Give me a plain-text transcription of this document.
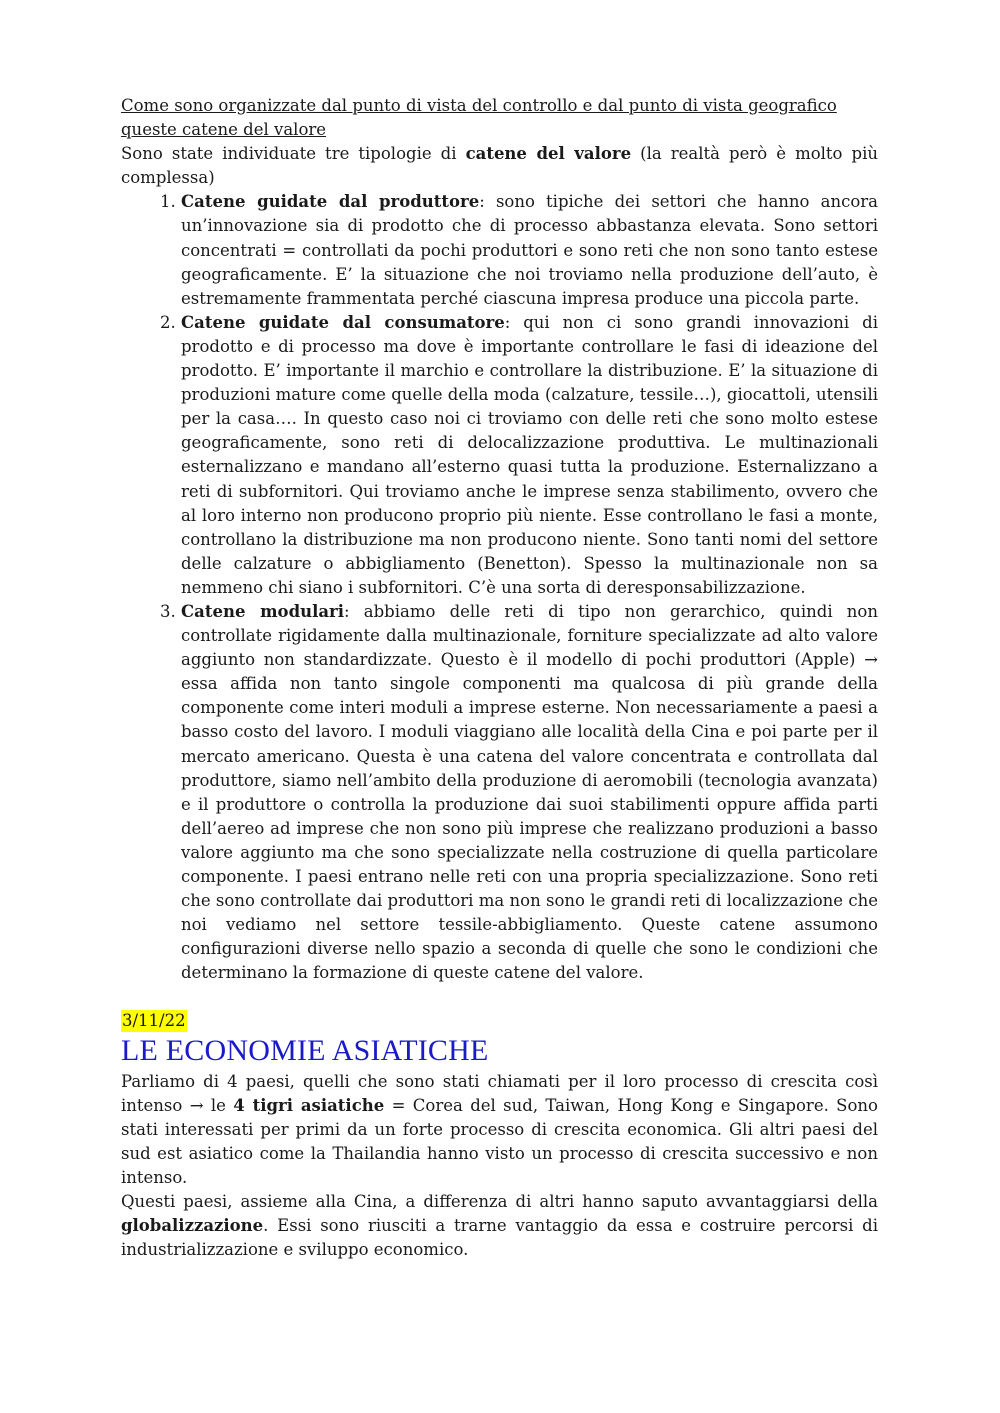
Come sono organizzate dal punto di vista del controllo e dal punto di vista geografico queste catene del valore

Sono state individuate tre tipologie di catene del valore (la realtà però è molto più complessa)

1. Catene guidate dal produttore: sono tipiche dei settori che hanno ancora un’innovazione sia di prodotto che di processo abbastanza elevata. Sono settori concentrati = controllati da pochi produttori e sono reti che non sono tanto estese geograficamente. E’ la situazione che noi troviamo nella produzione dell’auto, è estremamente frammentata perché ciascuna impresa produce una piccola parte.
2. Catene guidate dal consumatore: qui non ci sono grandi innovazioni di prodotto e di processo ma dove è importante controllare le fasi di ideazione del prodotto. E’ importante il marchio e controllare la distribuzione. E’ la situazione di produzioni mature come quelle della moda (calzature, tessile…), giocattoli, utensili per la casa…. In questo caso noi ci troviamo con delle reti che sono molto estese geograficamente, sono reti di delocalizzazione produttiva. Le multinazionali esternalizzano e mandano all’esterno quasi tutta la produzione. Esternalizzano a reti di subfornitori. Qui troviamo anche le imprese senza stabilimento, ovvero che al loro interno non producono proprio più niente. Esse controllano le fasi a monte, controllano la distribuzione ma non producono niente. Sono tanti nomi del settore delle calzature o abbigliamento (Benetton). Spesso la multinazionale non sa nemmeno chi siano i subfornitori. C’è una sorta di deresponsabilizzazione.
3. Catene modulari: abbiamo delle reti di tipo non gerarchico, quindi non controllate rigidamente dalla multinazionale, forniture specializzate ad alto valore aggiunto non standardizzate. Questo è il modello di pochi produttori (Apple) → essa affida non tanto singole componenti ma qualcosa di più grande della componente come interi moduli a imprese esterne. Non necessariamente a paesi a basso costo del lavoro. I moduli viaggiano alle località della Cina e poi parte per il mercato americano. Questa è una catena del valore concentrata e controllata dal produttore, siamo nell’ambito della produzione di aeromobili (tecnologia avanzata) e il produttore o controlla la produzione dai suoi stabilimenti oppure affida parti dell’aereo ad imprese che non sono più imprese che realizzano produzioni a basso valore aggiunto ma che sono specializzate nella costruzione di quella particolare componente. I paesi entrano nelle reti con una propria specializzazione. Sono reti che sono controllate dai produttori ma non sono le grandi reti di localizzazione che noi vediamo nel settore tessile-abbigliamento. Queste catene assumono configurazioni diverse nello spazio a seconda di quelle che sono le condizioni che determinano la formazione di queste catene del valore.

3/11/22

LE ECONOMIE ASIATICHE

Parliamo di 4 paesi, quelli che sono stati chiamati per il loro processo di crescita così intenso → le 4 tigri asiatiche = Corea del sud, Taiwan, Hong Kong e Singapore. Sono stati interessati per primi da un forte processo di crescita economica. Gli altri paesi del sud est asiatico come la Thailandia hanno visto un processo di crescita successivo e non intenso.

Questi paesi, assieme alla Cina, a differenza di altri hanno saputo avvantaggiarsi della globalizzazione. Essi sono riusciti a trarne vantaggio da essa e costruire percorsi di industrializzazione e sviluppo economico.
